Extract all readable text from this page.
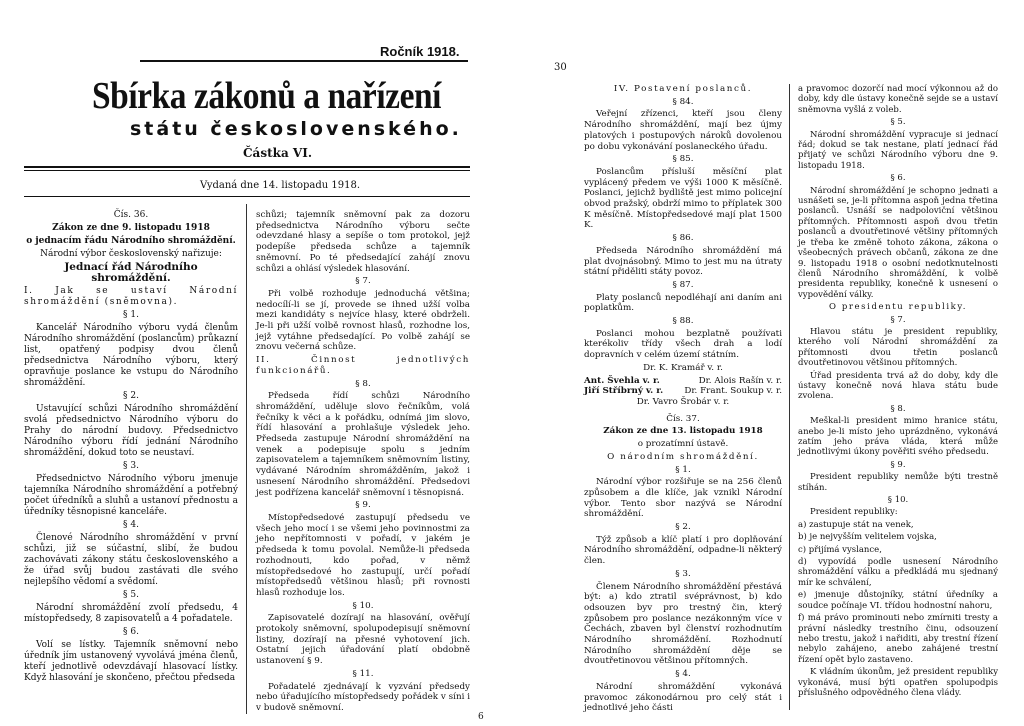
Ročník 1918.
Sbírka zákonů a nařízení
státu československého.
Částka VI.
Vydaná dne 14. listopadu 1918.

Čís. 36.

Zákon ze dne 9. listopadu 1918

o jednacím řádu Národního shromáždění.

Národní výbor československý nařizuje:

Jednací řád Národního shromáždění.

I. Jak se ustaví Národní shromáždění (sněmovna).

§ 1.

Kancelář Národního výboru vydá členům Národního shromáždění (poslancům) průkazní list, opatřený podpisy dvou členů předsednictva Národního výboru, který opravňuje poslance ke vstupu do Národního shromáždění.

§ 2.

Ustavující schůzi Národního shromáždění svolá předsednictvo Národního výboru do Prahy do národní budovy. Předsednictvo Národního výboru řídí jednání Národního shromáždění, dokud toto se neustaví.

§ 3.

Předsednictvo Národního výboru jmenuje tajemníka Národního shromáždění a potřebný počet úředníků a sluhů a ustanoví přednostu a úředníky těsnopisné kanceláře.

§ 4.

Členové Národního shromáždění v první schůzi, již se súčastní, slibí, že budou zachovávati zákony státu československého a že úřad svůj budou zastávati dle svého nejlepšího vědomí a svědomí.

§ 5.

Národní shromáždění zvolí předsedu, 4 místopředsedy, 8 zapisovatelů a 4 pořadatele.

§ 6.

Volí se lístky. Tajemník sněmovní nebo úředník jím ustanovený vyvolává jména členů, kteří jednotlivě odevzdávají hlasovací lístky. Když hlasování je skončeno, přečtou předseda

schůzi; tajemník sněmovní pak za dozoru předsednictva Národního výboru sečte odevzdané hlasy a sepíše o tom protokol, jejž podepíše předseda schůze a tajemník sněmovní. Po té předsedající zahájí znovu schůzi a ohlásí výsledek hlasování.

§ 7.

Při volbě rozhoduje jednoduchá většina; nedocílí-li se jí, provede se ihned užší volba mezi kandidáty s nejvíce hlasy, které obdrželi. Je-li při užší volbě rovnost hlasů, rozhodne los, jejž vytáhne předsedající. Po volbě zahájí se znovu večerná schůze.

II. Činnost jednotlivých funkcionářů.

§ 8.

Předseda řídí schůzi Národního shromáždění, uděluje slovo řečníkům, volá řečníky k věci a k pořádku, odnímá jim slovo, řídí hlasování a prohlašuje výsledek jeho. Předseda zastupuje Národní shromáždění na venek a podepisuje spolu s jedním zapisovatelem a tajemníkem sněmovním listiny, vydávané Národním shromážděním, jakož i usnesení Národního shromáždění. Předsedovi jest podřízena kancelář sněmovní i těsnopisná.

§ 9.

Místopředsedové zastupují předsedu ve všech jeho mocí i se všemi jeho povinnostmi za jeho nepřítomnosti v pořadí, v jakém je předseda k tomu povolal. Nemůže-li předseda rozhodnouti, kdo pořad, v němž místopředsedové ho zastupují, určí pořadí místopředsedů většinou hlasů; při rovnosti hlasů rozhoduje los.

§ 10.

Zapisovatelé dozírají na hlasování, ověřují protokoly sněmovní, spolupodepisují sněmovní listiny, dozírají na přesné vyhotovení jich. Ostatní jejich úřadování platí obdobně ustanovení § 9.

§ 11.

Pořadatelé zjednávají k vyzvání předsedy nebo úřadujícího místopředsedy pořádek v síni i v budově sněmovní.

6
30

IV. Postavení poslanců.

§ 84.

Veřejní zřízenci, kteří jsou členy Národního shromáždění, mají bez újmy platových i postupových nároků dovolenou po dobu vykonávání poslaneckého úřadu.

§ 85.

Poslancům přísluší měsíční plat vyplácený předem ve výši 1000 K měsíčně. Poslanci, jejichž bydliště jest mimo policejní obvod pražský, obdrží mimo to příplatek 300 K měsíčně. Místopředsedové mají plat 1500 K.

§ 86.

Předseda Národního shromáždění má plat dvojnásobný. Mimo to jest mu na útraty státní přiděliti státy povoz.

§ 87.

Platy poslanců nepodléhají ani daním ani poplatkům.

§ 88.

Poslanci mohou bezplatně používati kterékoliv třídy všech drah a lodí dopravních v celém území státním.

Dr. K. Kramář v. r.

Ant. Švehla v. r.	Dr. Alois Rašín v. r.
Jiří Stříbrný v. r. Dr. Frant. Soukup v. r.

Dr. Vavro Šrobár v. r.

Čís. 37.

Zákon ze dne 13. listopadu 1918

o prozatímní ústavě.

O národním shromáždění.

§ 1.

Národní výbor rozšiřuje se na 256 členů způsobem a dle klíče, jak vznikl Národní výbor. Tento sbor nazývá se Národní shromáždění.

§ 2.

Týž způsob a klíč platí i pro doplňování Národního shromáždění, odpadne-li některý člen.

§ 3.

Členem Národního shromáždění přestává být: a) kdo ztratil svéprávnost, b) kdo odsouzen byv pro trestný čin, který způsobem pro poslance nezákonným více v Čechách, zbaven byl členství rozhodnutím Národního shromáždění. Rozhodnutí Národního shromáždění děje se dvoutřetinovou většinou přítomných.

§ 4.

Národní shromáždění vykonává pravomoc zákonodárnou pro celý stát i jednotlivé jeho části

a pravomoc dozorčí nad mocí výkonnou až do doby, kdy dle ústavy konečně sejde se a ustaví sněmovna vyšlá z voleb.

§ 5.

Národní shromáždění vypracuje si jednací řád; dokud se tak nestane, platí jednací řád přijatý ve schůzi Národního výboru dne 9. listopadu 1918.

§ 6.

Národní shromáždění je schopno jednati a usnášeti se, je-li přítomna aspoň jedna třetina poslanců. Usnáší se nadpoloviční většinou přítomných. Přítomnosti aspoň dvou třetin poslanců a dvoutřetinové většiny přítomných je třeba ke změně tohoto zákona, zákona o všeobecných právech občanů, zákona ze dne 9. listopadu 1918 o osobní nedotknutelnosti členů Národního shromáždění, k volbě presidenta republiky, konečně k usnesení o vypovědění války.

O presidentu republiky.

§ 7.

Hlavou státu je president republiky, kterého volí Národní shromáždění za přítomnosti dvou třetin poslanců dvoutřetinovou většinou přítomných.

Úřad presidenta trvá až do doby, kdy dle ústavy konečně nová hlava státu bude zvolena.

§ 8.

Meškal-li president mimo hranice státu, anebo je-li místo jeho uprázdněno, vykonává zatím jeho práva vláda, která může jednotlivými úkony pověřiti svého předsedu.

§ 9.

President republiky nemůže býti trestně stíhán.

§ 10.

President republiky:

a) zastupuje stát na venek,

b) je nejvyšším velitelem vojska,

c) přijímá vyslance,

d) vypovídá podle usnesení Národního shromáždění válku a předkládá mu sjednaný mír ke schválení,

e) jmenuje důstojníky, státní úředníky a soudce počínaje VI. třídou hodnostní nahoru,

f) má právo prominouti nebo zmírniti tresty a právní následky trestního činu, odsouzení nebo trestu, jakož i nařiditi, aby trestní řízení nebylo zahájeno, anebo zahájené trestní řízení opět bylo zastaveno.

K vládním úkonům, jež president republiky vykonává, musí býti opatřen spolupodpis příslušného odpovědného člena vlády.
